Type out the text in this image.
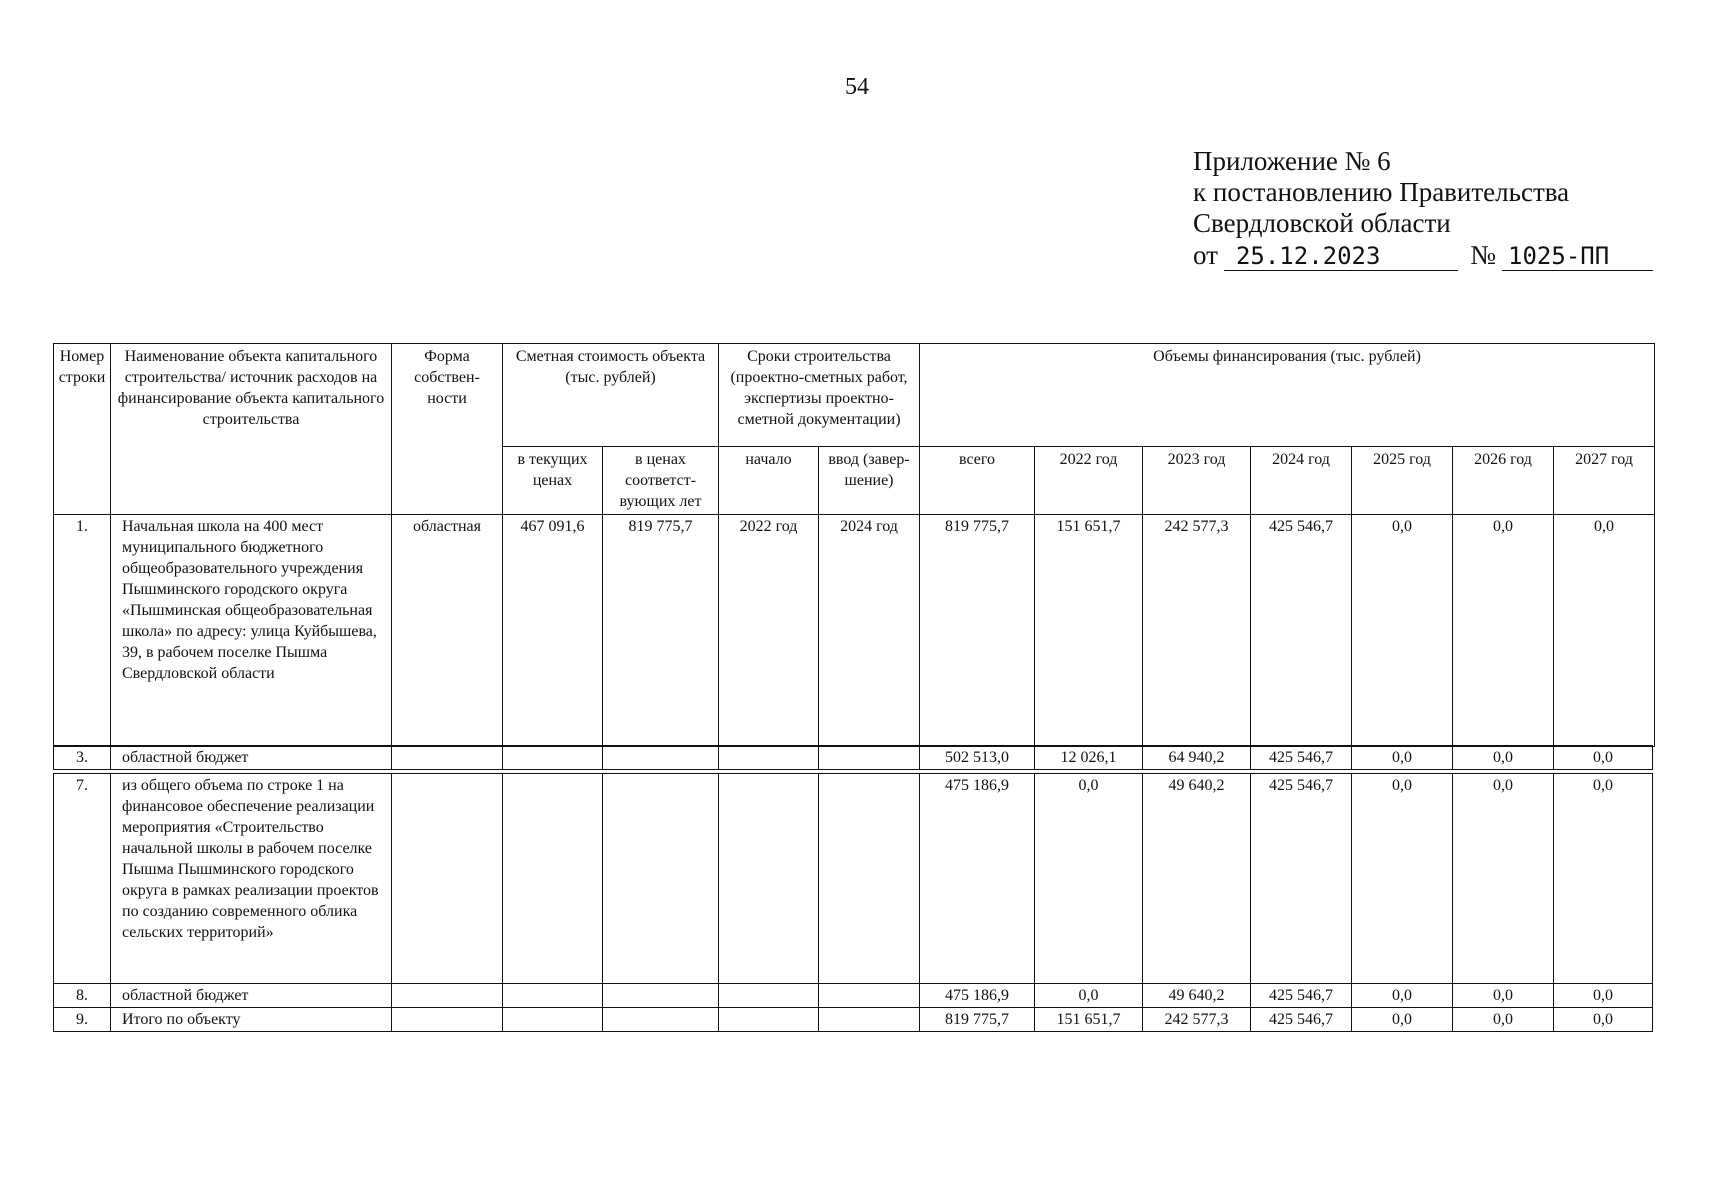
54
Приложение № 6
к постановлению Правительства
Свердловской области
от 25.12.2023	№ 1025-ПП
Номер строки	Наименование объекта капитального строительства/ источник расходов на финансирование объекта капитального строительства	Форма собствен-ности	Сметная стоимость объекта (тыс. рублей)		Сроки строительства (проектно-сметных работ, экспертизы проектно-сметной документации)		Объемы финансирования (тыс. рублей)						
			в текущих ценах	в ценах соответст-вующих лет	начало	ввод (завер-шение)	всего	2022 год	2023 год	2024 год	2025 год	2026 год	2027 год
1.	Начальная школа на 400 мест муниципального бюджетного общеобразовательного учреждения Пышминского городского округа «Пышминская общеобразовательная школа» по адресу: улица Куйбышева, 39, в рабочем поселке Пышма Свердловской области	областная	467 091,6	819 775,7	2022 год	2024 год	819 775,7	151 651,7	242 577,3	425 546,7	0,0	0,0	0,0
3.	областной бюджет						502 513,0	12 026,1	64 940,2	425 546,7	0,0	0,0	0,0
7.	из общего объема по строке 1 на финансовое обеспечение реализации мероприятия «Строительство начальной школы в рабочем поселке Пышма Пышминского городского округа в рамках реализации проектов по созданию современного облика сельских территорий»						475 186,9	0,0	49 640,2	425 546,7	0,0	0,0	0,0
8.	областной бюджет						475 186,9	0,0	49 640,2	425 546,7	0,0	0,0	0,0
9.	Итого по объекту						819 775,7	151 651,7	242 577,3	425 546,7	0,0	0,0	0,0
